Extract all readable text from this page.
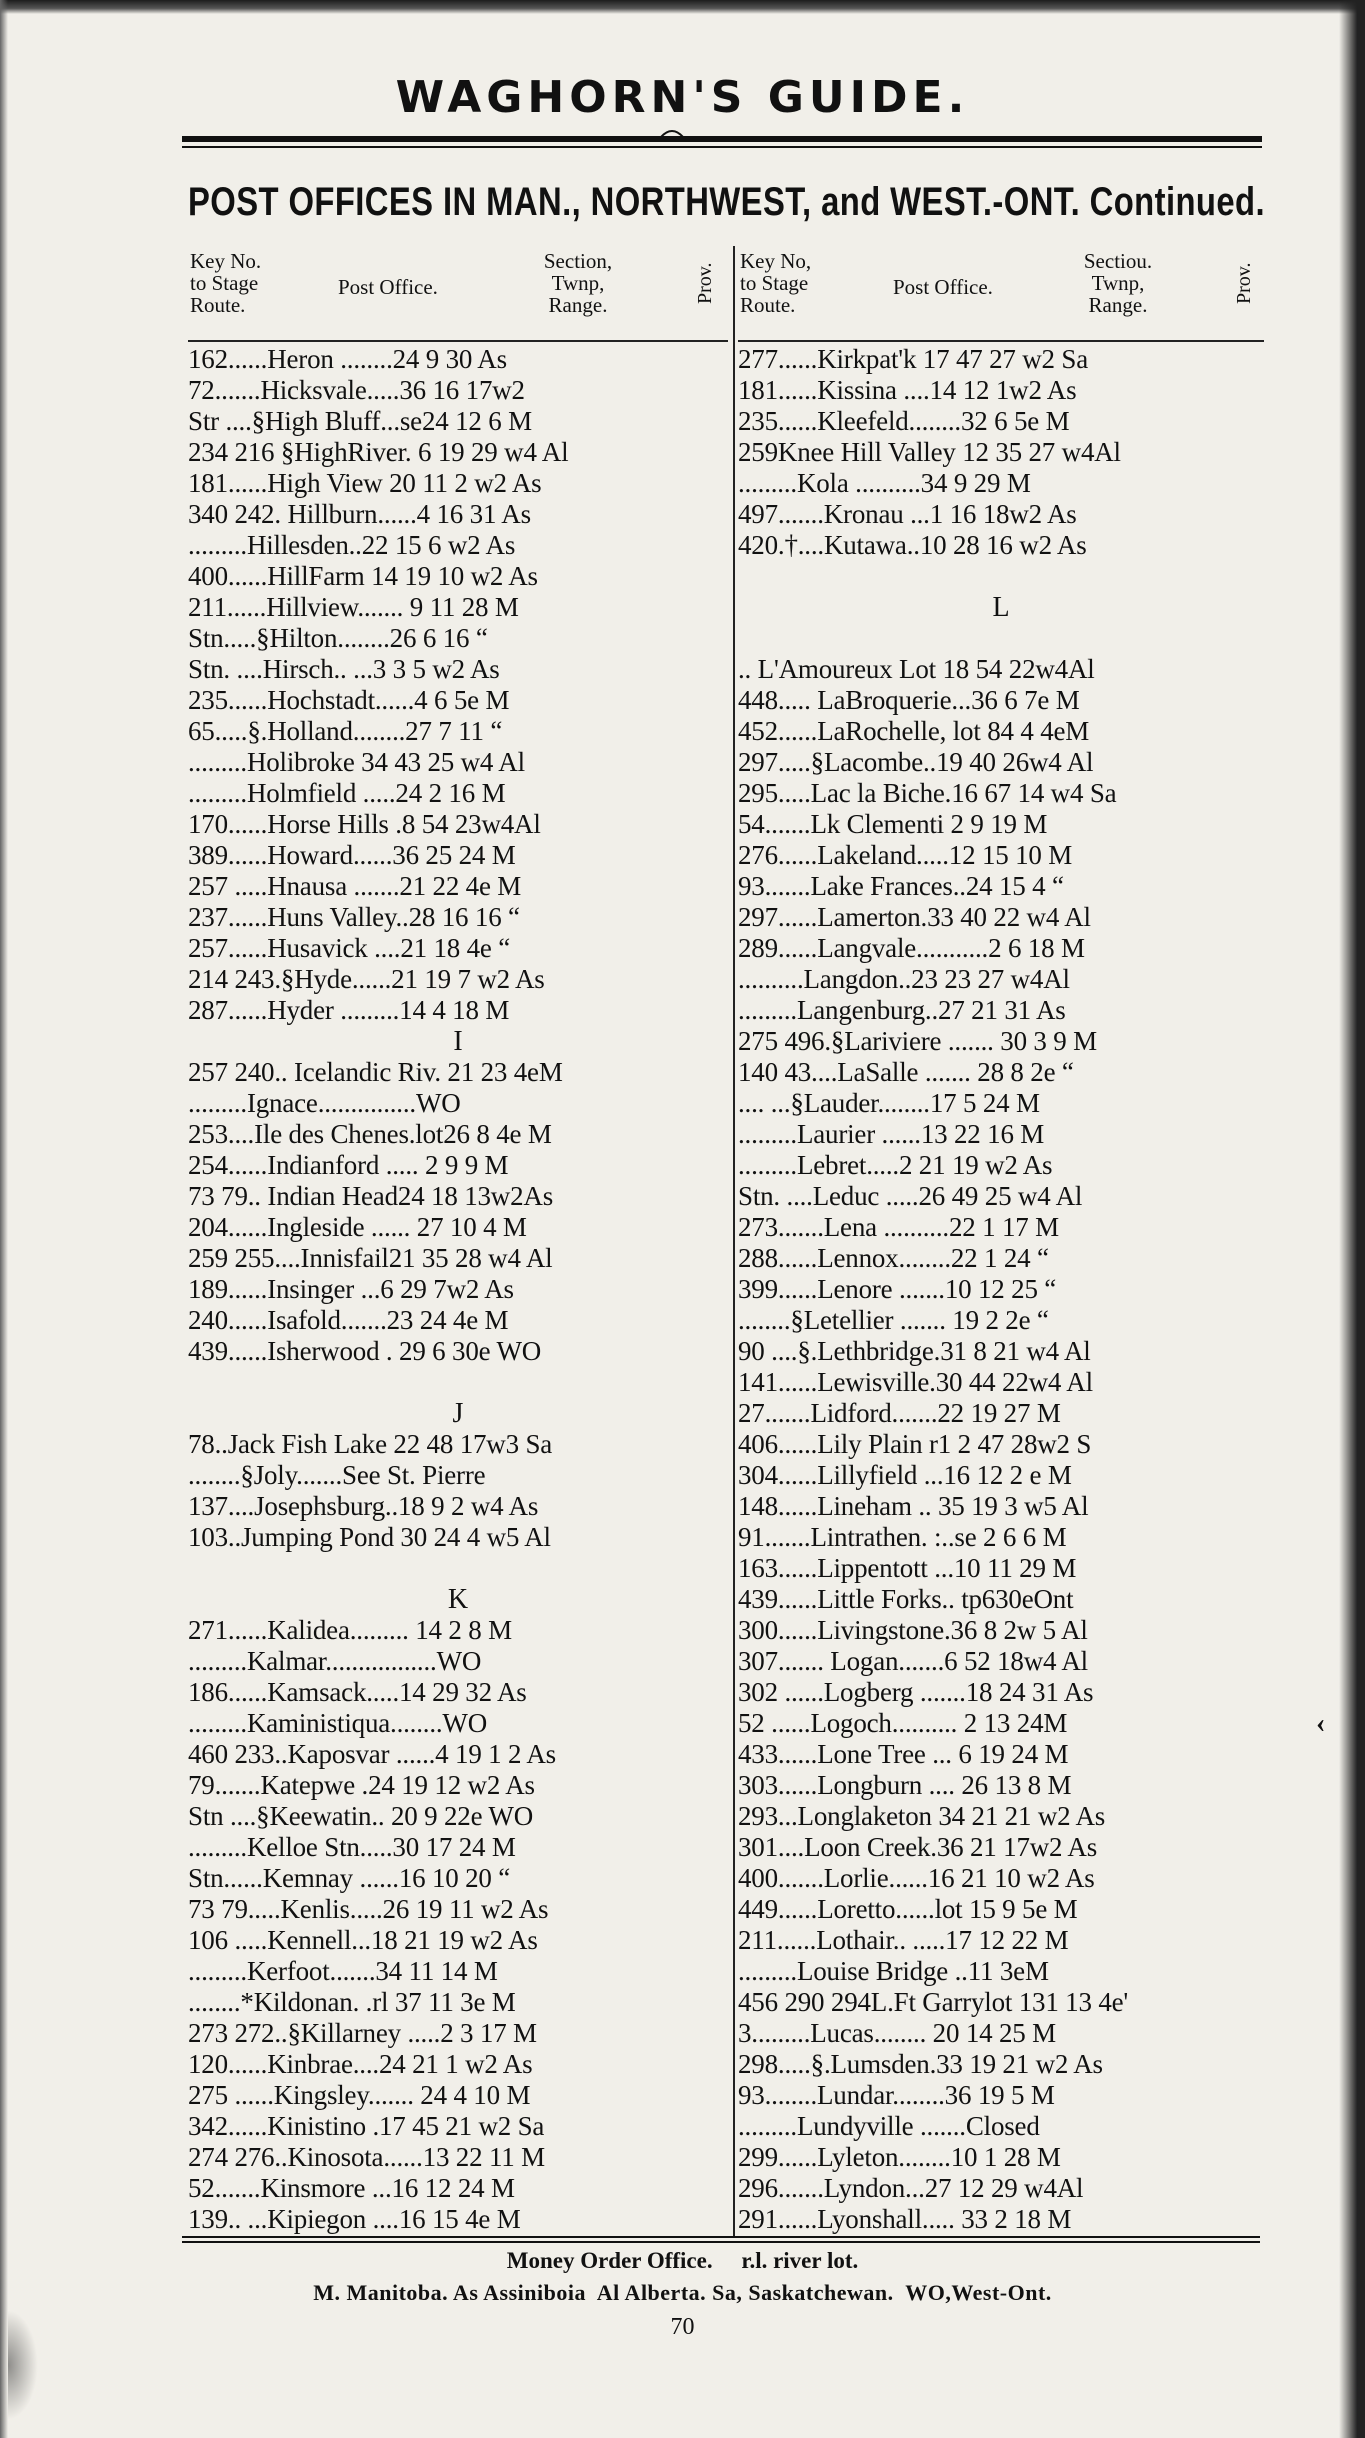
WAGHORN'S GUIDE.
POST OFFICES IN MAN., NORTHWEST, and WEST.-ONT. Continued.
Key No.
to Stage
Route.
Post Office.
Section,
Twnp,
Range.
Prov.
162......Heron ........24 9 30 As
72.......Hicksvale.....36 16 17w2
Str ....§High Bluff...se24 12 6 M
234 216 §HighRiver. 6 19 29 w4 Al
181......High View 20 11 2 w2 As
340 242. Hillburn......4 16 31 As
.........Hillesden..22 15 6 w2 As
400......HillFarm 14 19 10 w2 As
211......Hillview....... 9 11 28 M
Stn.....§Hilton........26 6 16 “
Stn. ....Hirsch.. ...3 3 5 w2 As
235......Hochstadt......4 6 5e M
65.....§.Holland........27 7 11 “
.........Holibroke 34 43 25 w4 Al
.........Holmfield .....24 2 16 M
170......Horse Hills .8 54 23w4Al
389......Howard......36 25 24 M
257 .....Hnausa .......21 22 4e M
237......Huns Valley..28 16 16 “
257......Husavick ....21 18 4e “
214 243.§Hyde......21 19 7 w2 As
287......Hyder .........14 4 18 M
I
257 240.. Icelandic Riv. 21 23 4eM
.........Ignace...............WO
253....Ile des Chenes.lot26 8 4e M
254......Indianford ..... 2 9 9 M
73 79.. Indian Head24 18 13w2As
204......Ingleside ...... 27 10 4 M
259 255....Innisfail21 35 28 w4 Al
189......Insinger ...6 29 7w2 As
240......Isafold.......23 24 4e M
439......Isherwood . 29 6 30e WO
J
78..Jack Fish Lake 22 48 17w3 Sa
........§Joly.......See St. Pierre
137....Josephsburg..18 9 2 w4 As
103..Jumping Pond 30 24 4 w5 Al
K
271......Kalidea......... 14 2 8 M
.........Kalmar.................WO
186......Kamsack.....14 29 32 As
.........Kaministiqua........WO
460 233..Kaposvar ......4 19 1 2 As
79.......Katepwe .24 19 12 w2 As
Stn ....§Keewatin.. 20 9 22e WO
.........Kelloe Stn.....30 17 24 M
Stn......Kemnay ......16 10 20 “
73 79.....Kenlis.....26 19 11 w2 As
106 .....Kennell...18 21 19 w2 As
.........Kerfoot.......34 11 14 M
........*Kildonan. .rl 37 11 3e M
273 272..§Killarney .....2 3 17 M
120......Kinbrae....24 21 1 w2 As
275 ......Kingsley....... 24 4 10 M
342......Kinistino .17 45 21 w2 Sa
274 276..Kinosota......13 22 11 M
52.......Kinsmore ...16 12 24 M
139.. ...Kipiegon ....16 15 4e M
Key No,
to Stage
Route.
Post Office.
Sectiou.
Twnp,
Range.
Prov.
277......Kirkpat'k 17 47 27 w2 Sa
181......Kissina ....14 12 1w2 As
235......Kleefeld........32 6 5e M
259Knee Hill Valley 12 35 27 w4Al
.........Kola ..........34 9 29 M
497.......Kronau ...1 16 18w2 As
420.†....Kutawa..10 28 16 w2 As
L
.. L'Amoureux Lot 18 54 22w4Al
448..... LaBroquerie...36 6 7e M
452......LaRochelle, lot 84 4 4eM
297.....§Lacombe..19 40 26w4 Al
295.....Lac la Biche.16 67 14 w4 Sa
54.......Lk Clementi 2 9 19 M
276......Lakeland.....12 15 10 M
93.......Lake Frances..24 15 4 “
297......Lamerton.33 40 22 w4 Al
289......Langvale...........2 6 18 M
..........Langdon..23 23 27 w4Al
.........Langenburg..27 21 31 As
275 496.§Lariviere ....... 30 3 9 M
140 43....LaSalle ....... 28 8 2e “
.... ...§Lauder........17 5 24 M
.........Laurier ......13 22 16 M
.........Lebret.....2 21 19 w2 As
Stn. ....Leduc .....26 49 25 w4 Al
273.......Lena ..........22 1 17 M
288......Lennox........22 1 24 “
399......Lenore .......10 12 25 “
........§Letellier ....... 19 2 2e “
90 ....§.Lethbridge.31 8 21 w4 Al
141......Lewisville.30 44 22w4 Al
27.......Lidford.......22 19 27 M
406......Lily Plain r1 2 47 28w2 S
304......Lillyfield ...16 12 2 e M
148......Lineham .. 35 19 3 w5 Al
91.......Lintrathen. :..se 2 6 6 M
163......Lippentott ...10 11 29 M
439......Little Forks.. tp630eOnt
300......Livingstone.36 8 2w 5 Al
307....... Logan.......6 52 18w4 Al
302 ......Logberg .......18 24 31 As
52 ......Logoch.......... 2 13 24M
433......Lone Tree ... 6 19 24 M
303......Longburn .... 26 13 8 M
293...Longlaketon 34 21 21 w2 As
301....Loon Creek.36 21 17w2 As
400.......Lorlie......16 21 10 w2 As
449......Loretto......lot 15 9 5e M
211......Lothair.. .....17 12 22 M
.........Louise Bridge ..11 3eM
456 290 294L.Ft Garrylot 131 13 4e'
3.........Lucas........ 20 14 25 M
298.....§.Lumsden.33 19 21 w2 As
93........Lundar........36 19 5 M
.........Lundyville .......Closed
299......Lyleton........10 1 28 M
296.......Lyndon...27 12 29 w4Al
291......Lyonshall..... 33 2 18 M
Money Order Office.     r.l. river lot.
M. Manitoba. As Assiniboia  Al Alberta. Sa, Saskatchewan.  WO,West-Ont.
70
‹
